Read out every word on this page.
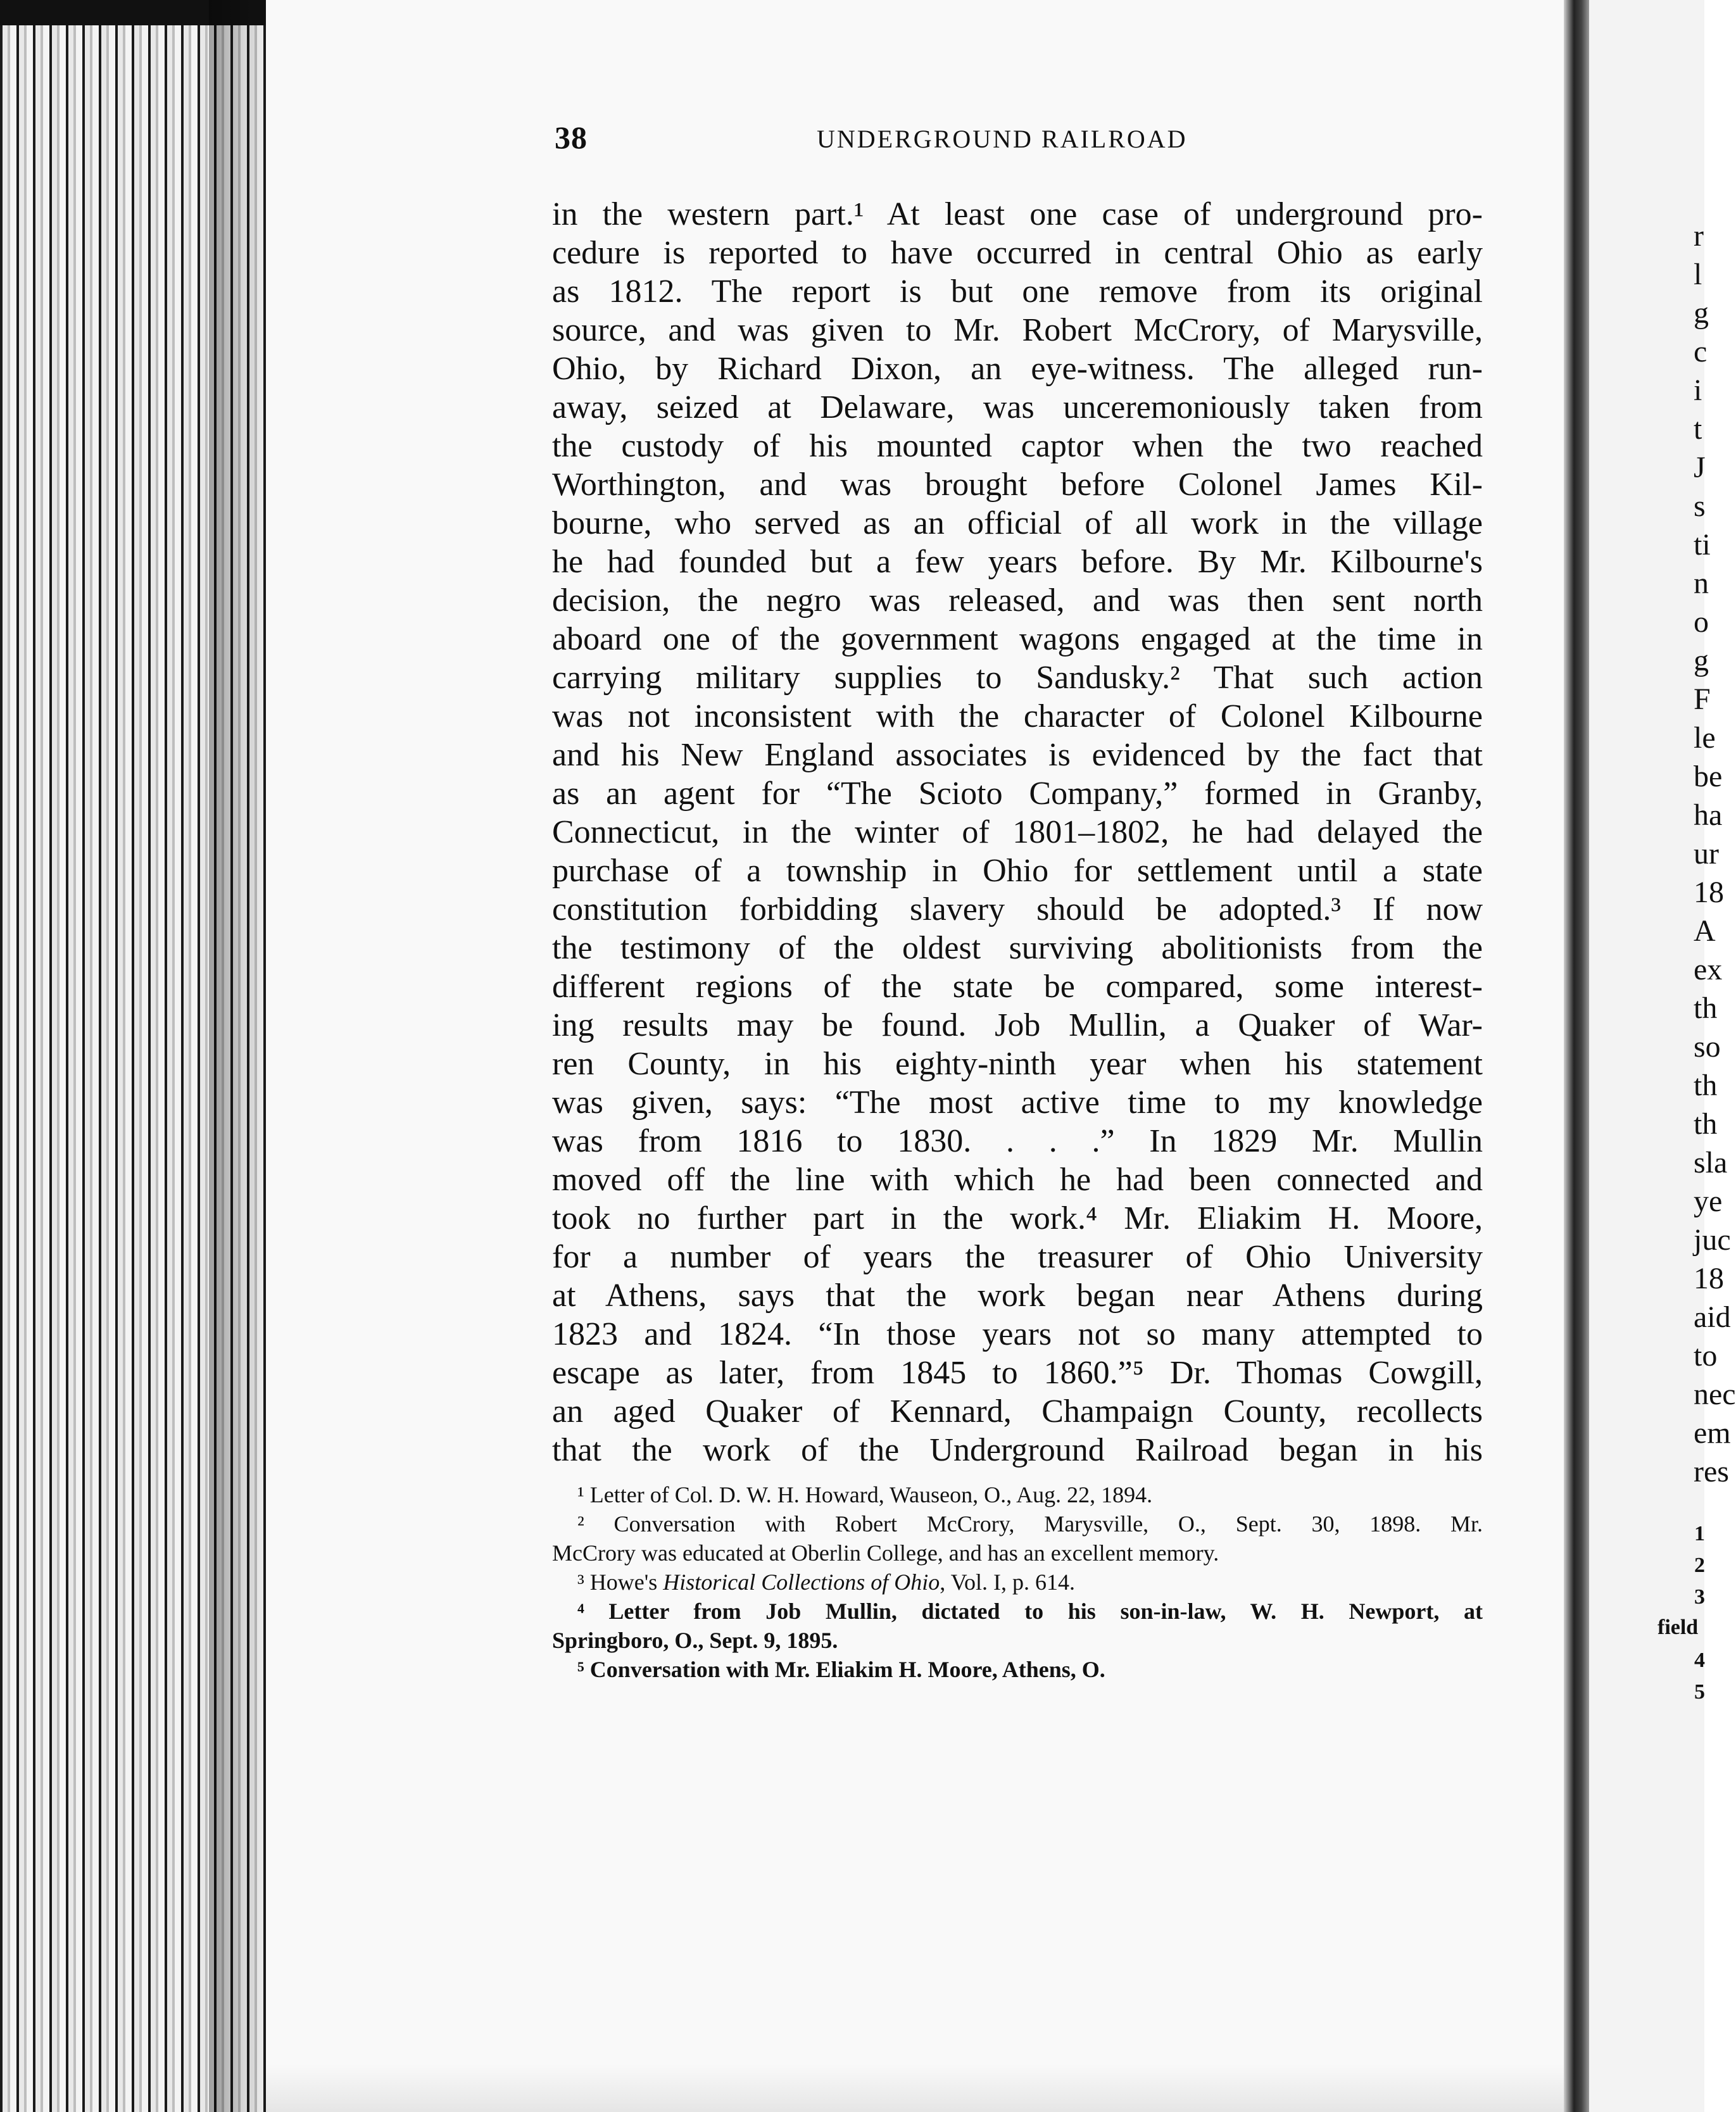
38	UNDERGROUND RAILROAD
in the western part.¹ At least one case of underground pro-
cedure is reported to have occurred in central Ohio as early
as 1812. The report is but one remove from its original
source, and was given to Mr. Robert McCrory, of Marysville,
Ohio, by Richard Dixon, an eye-witness. The alleged run-
away, seized at Delaware, was unceremoniously taken from
the custody of his mounted captor when the two reached
Worthington, and was brought before Colonel James Kil-
bourne, who served as an official of all work in the village
he had founded but a few years before. By Mr. Kilbourne's
decision, the negro was released, and was then sent north
aboard one of the government wagons engaged at the time in
carrying military supplies to Sandusky.² That such action
was not inconsistent with the character of Colonel Kilbourne
and his New England associates is evidenced by the fact that
as an agent for “The Scioto Company,” formed in Granby,
Connecticut, in the winter of 1801–1802, he had delayed the
purchase of a township in Ohio for settlement until a state
constitution forbidding slavery should be adopted.³ If now
the testimony of the oldest surviving abolitionists from the
different regions of the state be compared, some interest-
ing results may be found. Job Mullin, a Quaker of War-
ren County, in his eighty-ninth year when his statement
was given, says: “The most active time to my knowledge
was from 1816 to 1830. . . .” In 1829 Mr. Mullin
moved off the line with which he had been connected and
took no further part in the work.⁴ Mr. Eliakim H. Moore,
for a number of years the treasurer of Ohio University
at Athens, says that the work began near Athens during
1823 and 1824. “In those years not so many attempted to
escape as later, from 1845 to 1860.”⁵ Dr. Thomas Cowgill,
an aged Quaker of Kennard, Champaign County, recollects
that the work of the Underground Railroad began in his
¹ Letter of Col. D. W. H. Howard, Wauseon, O., Aug. 22, 1894.
² Conversation with Robert McCrory, Marysville, O., Sept. 30, 1898. Mr.
McCrory was educated at Oberlin College, and has an excellent memory.
³ Howe's Historical Collections of Ohio, Vol. I, p. 614.
⁴ Letter from Job Mullin, dictated to his son-in-law, W. H. Newport, at
Springboro, O., Sept. 9, 1895.
⁵ Conversation with Mr. Eliakim H. Moore, Athens, O.
r
l
g
c
i
t
J
s
ti
n
o
g
F
le
be
ha
ur
18
A
ex
th
so
th
th
sla
ye
juc
18
aid
to
nec
em
res
1
2
3
field
4
5
